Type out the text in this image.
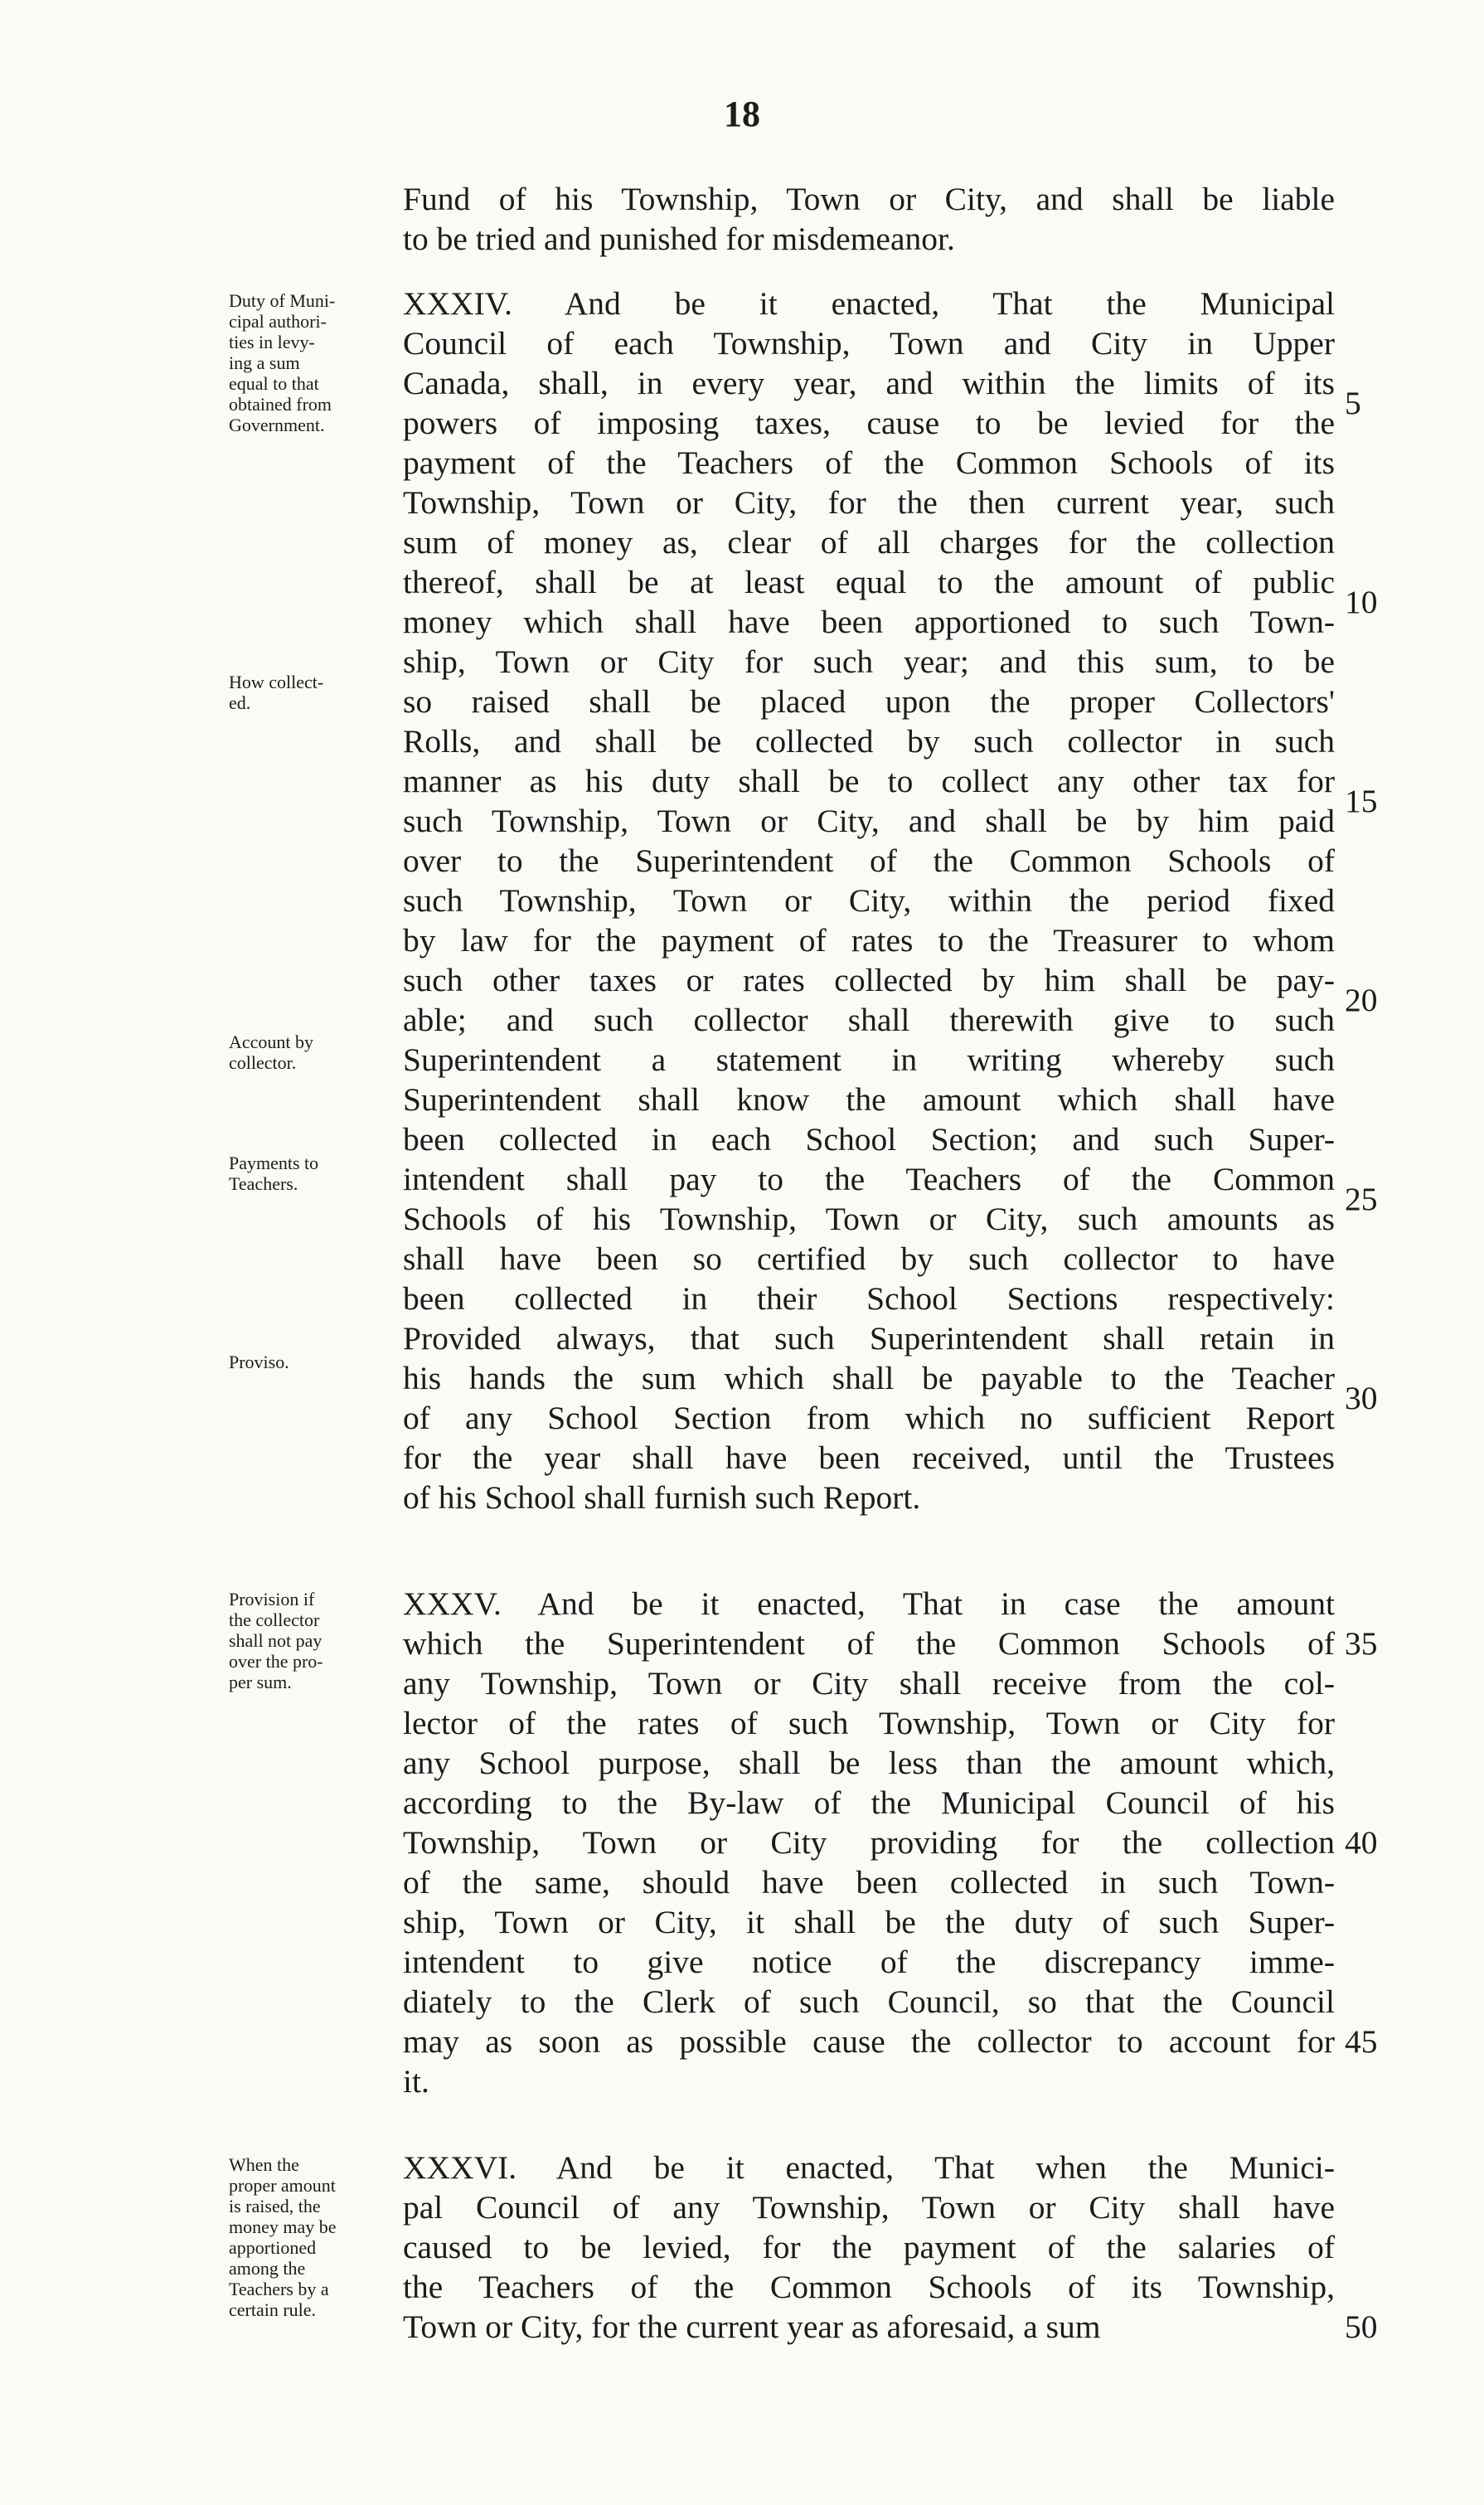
18
Fund of his Township, Town or City, and shall be liable
to be tried and punished for misdemeanor.
XXXIV. And be it enacted, That the Municipal
Council of each Township, Town and City in Upper
Canada, shall, in every year, and within the limits of its
powers of imposing taxes, cause to be levied for the
payment of the Teachers of the Common Schools of its
Township, Town or City, for the then current year, such
sum of money as, clear of all charges for the collection
thereof, shall be at least equal to the amount of public
money which shall have been apportioned to such Town-
ship, Town or City for such year; and this sum, to be
so raised shall be placed upon the proper Collectors'
Rolls, and shall be collected by such collector in such
manner as his duty shall be to collect any other tax for
such Township, Town or City, and shall be by him paid
over to the Superintendent of the Common Schools of
such Township, Town or City, within the period fixed
by law for the payment of rates to the Treasurer to whom
such other taxes or rates collected by him shall be pay-
able; and such collector shall therewith give to such
Superintendent a statement in writing whereby such
Superintendent shall know the amount which shall have
been collected in each School Section; and such Super-
intendent shall pay to the Teachers of the Common
Schools of his Township, Town or City, such amounts as
shall have been so certified by such collector to have
been collected in their School Sections respectively:
Provided always, that such Superintendent shall retain in
his hands the sum which shall be payable to the Teacher
of any School Section from which no sufficient Report
for the year shall have been received, until the Trustees
of his School shall furnish such Report.
XXXV. And be it enacted, That in case the amount
which the Superintendent of the Common Schools of
any Township, Town or City shall receive from the col-
lector of the rates of such Township, Town or City for
any School purpose, shall be less than the amount which,
according to the By-law of the Municipal Council of his
Township, Town or City providing for the collection
of the same, should have been collected in such Town-
ship, Town or City, it shall be the duty of such Super-
intendent to give notice of the discrepancy imme-
diately to the Clerk of such Council, so that the Council
may as soon as possible cause the collector to account for
it.
XXXVI. And be it enacted, That when the Munici-
pal Council of any Township, Town or City shall have
caused to be levied, for the payment of the salaries of
the Teachers of the Common Schools of its Township,
Town or City, for the current year as aforesaid, a sum
5
10
15
20
25
30
35
40
45
50
Duty of Muni-
cipal authori-
ties in levy-
ing a sum
equal to that
obtained from
Government.
How collect-
ed.
Account by
collector.
Payments to
Teachers.
Proviso.
Provision if
the collector
shall not pay
over the pro-
per sum.
When the
proper amount
is raised, the
money may be
apportioned
among the
Teachers by a
certain rule.
